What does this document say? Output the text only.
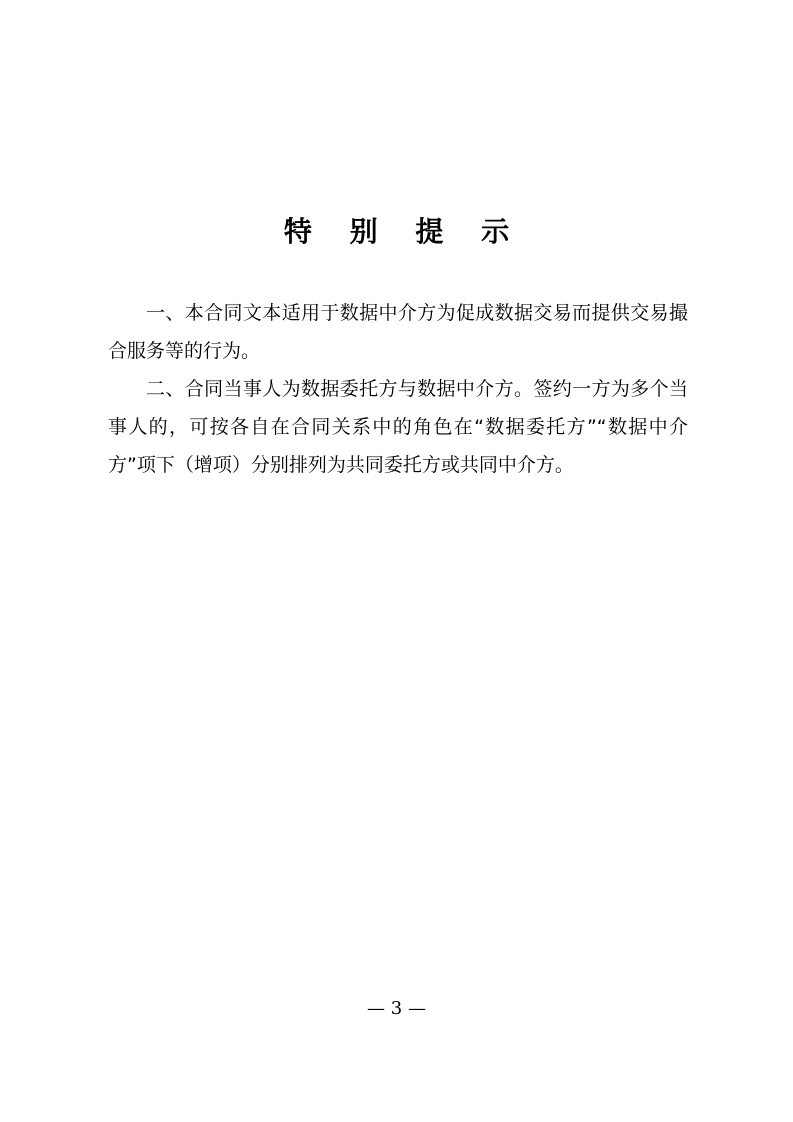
特 别 提 示

一、本合同文本适用于数据中介方为促成数据交易而提供交易撮合服务等的行为。

二、合同当事人为数据委托方与数据中介方。签约一方为多个当事人的，可按各自在合同关系中的角色在“数据委托方”“数据中介方”项下（增项）分别排列为共同委托方或共同中介方。

— 3 —
